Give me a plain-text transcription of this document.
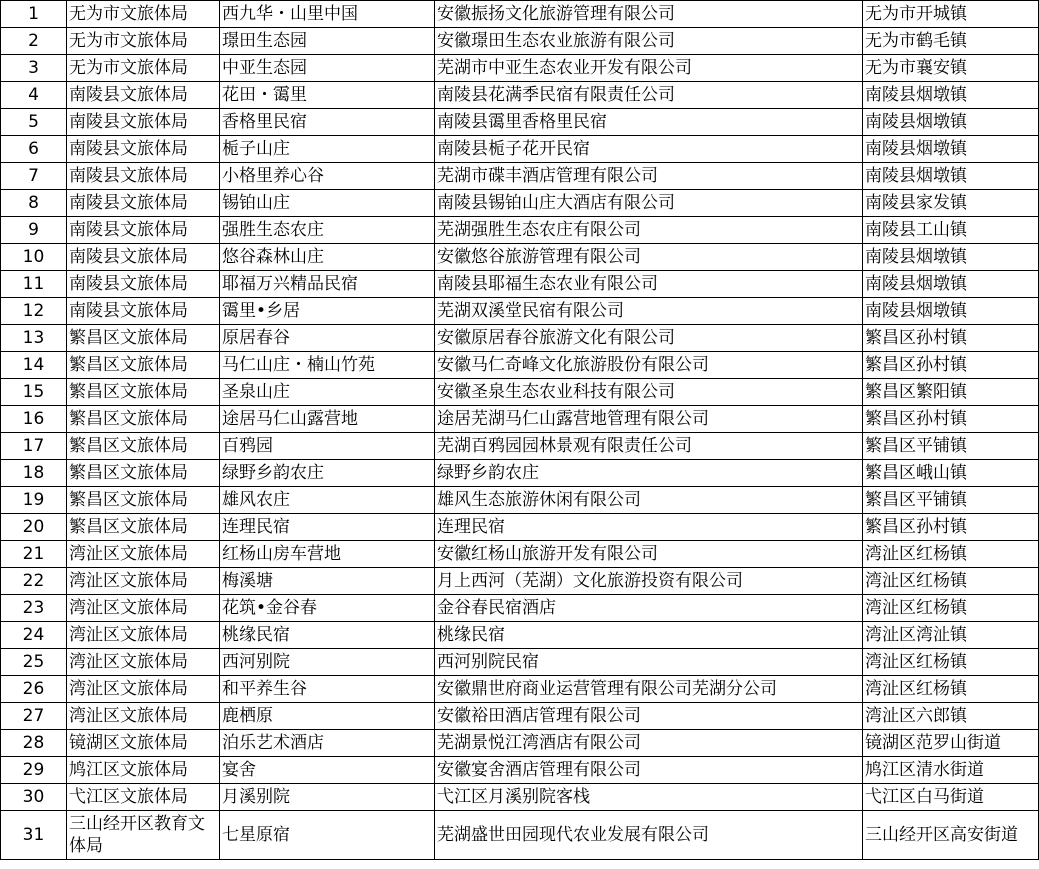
1	无为市文旅体局	西九华・山里中国	安徽振扬文化旅游管理有限公司	无为市开城镇
2	无为市文旅体局	璟田生态园	安徽璟田生态农业旅游有限公司	无为市鹤毛镇
3	无为市文旅体局	中亚生态园	芜湖市中亚生态农业开发有限公司	无为市襄安镇
4	南陵县文旅体局	花田・霭里	南陵县花满季民宿有限责任公司	南陵县烟墩镇
5	南陵县文旅体局	香格里民宿	南陵县霭里香格里民宿	南陵县烟墩镇
6	南陵县文旅体局	栀子山庄	南陵县栀子花开民宿	南陵县烟墩镇
7	南陵县文旅体局	小格里养心谷	芜湖市碟丰酒店管理有限公司	南陵县烟墩镇
8	南陵县文旅体局	锡铂山庄	南陵县锡铂山庄大酒店有限公司	南陵县家发镇
9	南陵县文旅体局	强胜生态农庄	芜湖强胜生态农庄有限公司	南陵县工山镇
10	南陵县文旅体局	悠谷森林山庄	安徽悠谷旅游管理有限公司	南陵县烟墩镇
11	南陵县文旅体局	耶福万兴精品民宿	南陵县耶福生态农业有限公司	南陵县烟墩镇
12	南陵县文旅体局	霭里•乡居	芜湖双溪堂民宿有限公司	南陵县烟墩镇
13	繁昌区文旅体局	原居春谷	安徽原居春谷旅游文化有限公司	繁昌区孙村镇
14	繁昌区文旅体局	马仁山庄・楠山竹苑	安徽马仁奇峰文化旅游股份有限公司	繁昌区孙村镇
15	繁昌区文旅体局	圣泉山庄	安徽圣泉生态农业科技有限公司	繁昌区繁阳镇
16	繁昌区文旅体局	途居马仁山露营地	途居芜湖马仁山露营地管理有限公司	繁昌区孙村镇
17	繁昌区文旅体局	百鸦园	芜湖百鸦园园林景观有限责任公司	繁昌区平铺镇
18	繁昌区文旅体局	绿野乡韵农庄	绿野乡韵农庄	繁昌区峨山镇
19	繁昌区文旅体局	雄风农庄	雄风生态旅游休闲有限公司	繁昌区平铺镇
20	繁昌区文旅体局	连理民宿	连理民宿	繁昌区孙村镇
21	湾沚区文旅体局	红杨山房车营地	安徽红杨山旅游开发有限公司	湾沚区红杨镇
22	湾沚区文旅体局	梅溪塘	月上西河（芜湖）文化旅游投资有限公司	湾沚区红杨镇
23	湾沚区文旅体局	花筑•金谷春	金谷春民宿酒店	湾沚区红杨镇
24	湾沚区文旅体局	桃缘民宿	桃缘民宿	湾沚区湾沚镇
25	湾沚区文旅体局	西河别院	西河别院民宿	湾沚区红杨镇
26	湾沚区文旅体局	和平养生谷	安徽鼎世府商业运营管理有限公司芜湖分公司	湾沚区红杨镇
27	湾沚区文旅体局	鹿栖原	安徽裕田酒店管理有限公司	湾沚区六郎镇
28	镜湖区文旅体局	泊乐艺术酒店	芜湖景悦江湾酒店有限公司	镜湖区范罗山街道
29	鸠江区文旅体局	宴舍	安徽宴舍酒店管理有限公司	鸠江区清水街道
30	弋江区文旅体局	月溪别院	弋江区月溪别院客栈	弋江区白马街道
31	三山经开区教育文体局	七星原宿	芜湖盛世田园现代农业发展有限公司	三山经开区高安街道
